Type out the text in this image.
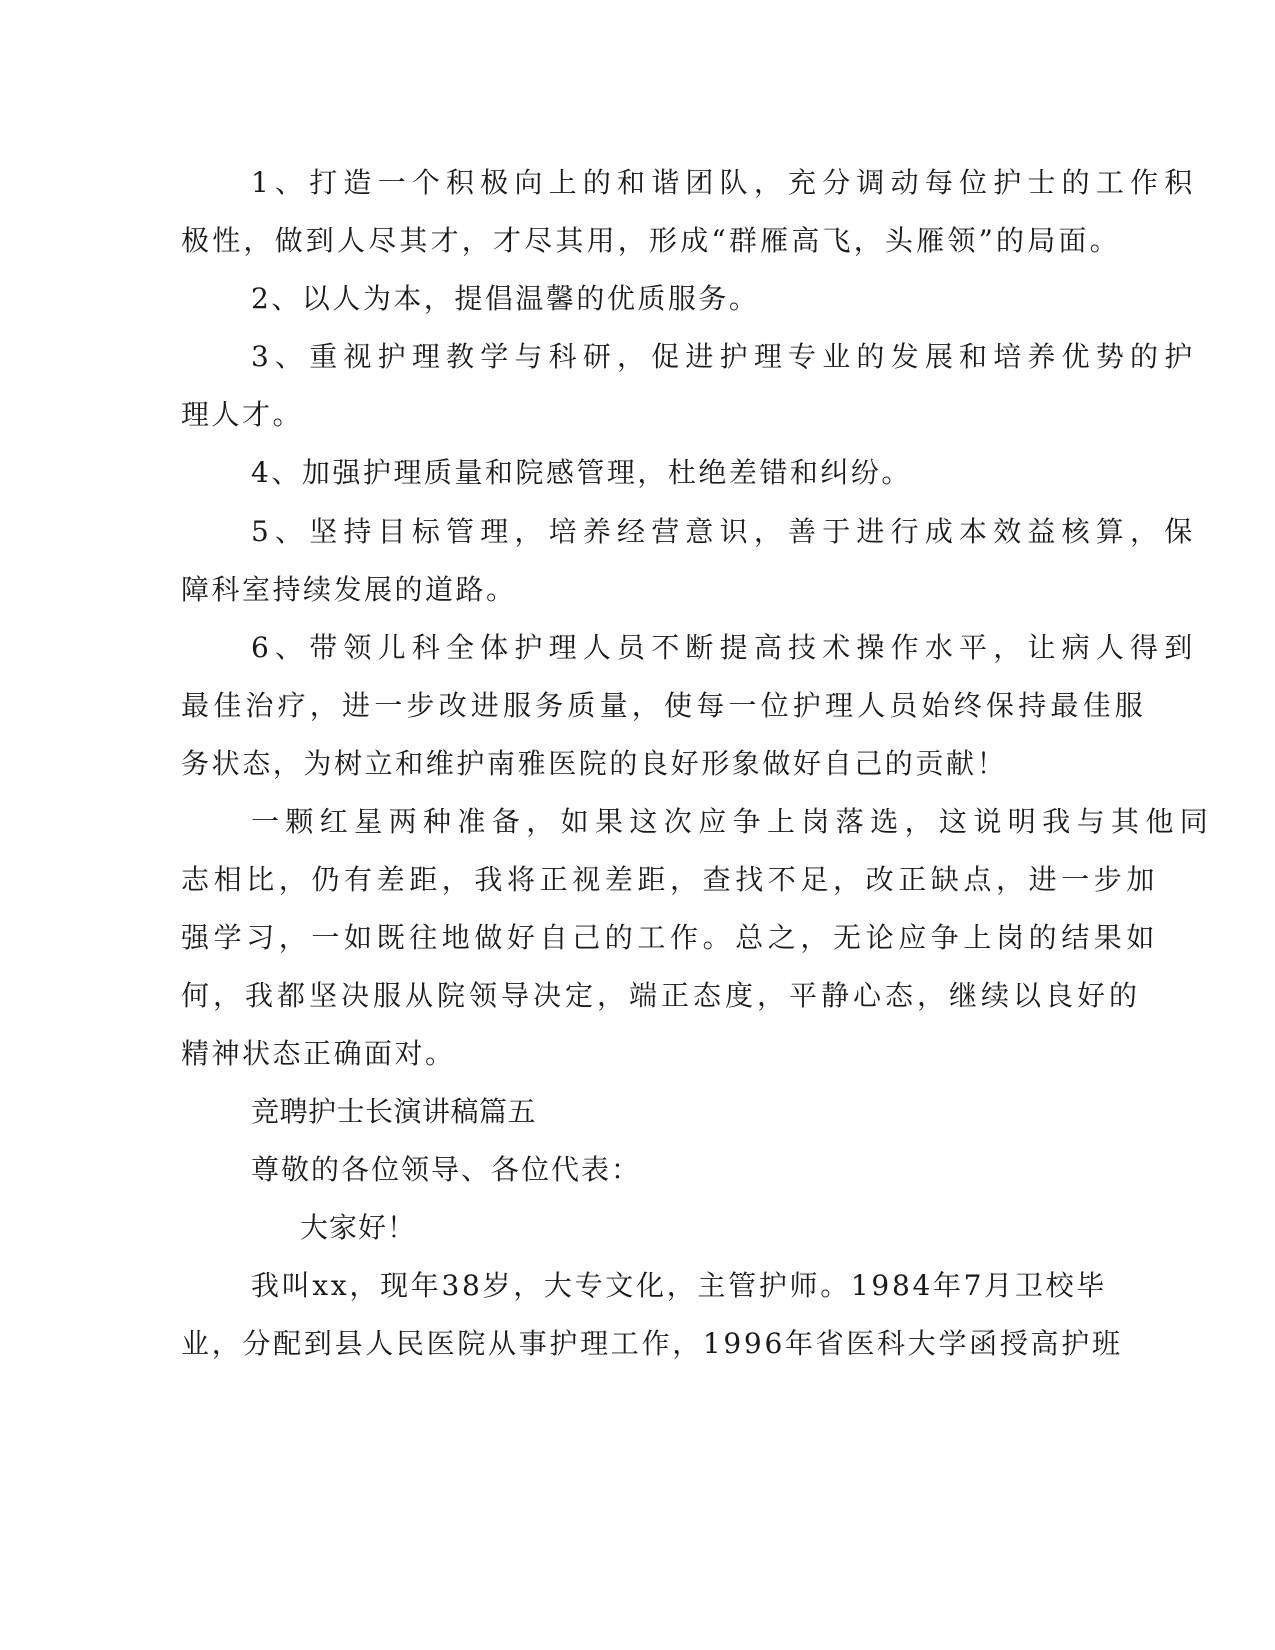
1、打造一个积极向上的和谐团队，充分调动每位护士的工作积
极性，做到人尽其才，才尽其用，形成“群雁高飞，头雁领”的局面。
2、以人为本，提倡温馨的优质服务。
3、重视护理教学与科研，促进护理专业的发展和培养优势的护
理人才。
4、加强护理质量和院感管理，杜绝差错和纠纷。
5、坚持目标管理，培养经营意识，善于进行成本效益核算，保
障科室持续发展的道路。
6、带领儿科全体护理人员不断提高技术操作水平，让病人得到
最佳治疗，进一步改进服务质量，使每一位护理人员始终保持最佳服
务状态，为树立和维护南雅医院的良好形象做好自己的贡献！
一颗红星两种准备，如果这次应争上岗落选，这说明我与其他同
志相比，仍有差距，我将正视差距，查找不足，改正缺点，进一步加
强学习，一如既往地做好自己的工作。总之，无论应争上岗的结果如
何，我都坚决服从院领导决定，端正态度，平静心态，继续以良好的
精神状态正确面对。
竞聘护士长演讲稿篇五
尊敬的各位领导、各位代表：
大家好！
我叫xx，现年38岁，大专文化，主管护师。1984年7月卫校毕
业，分配到县人民医院从事护理工作，1996年省医科大学函授高护班
